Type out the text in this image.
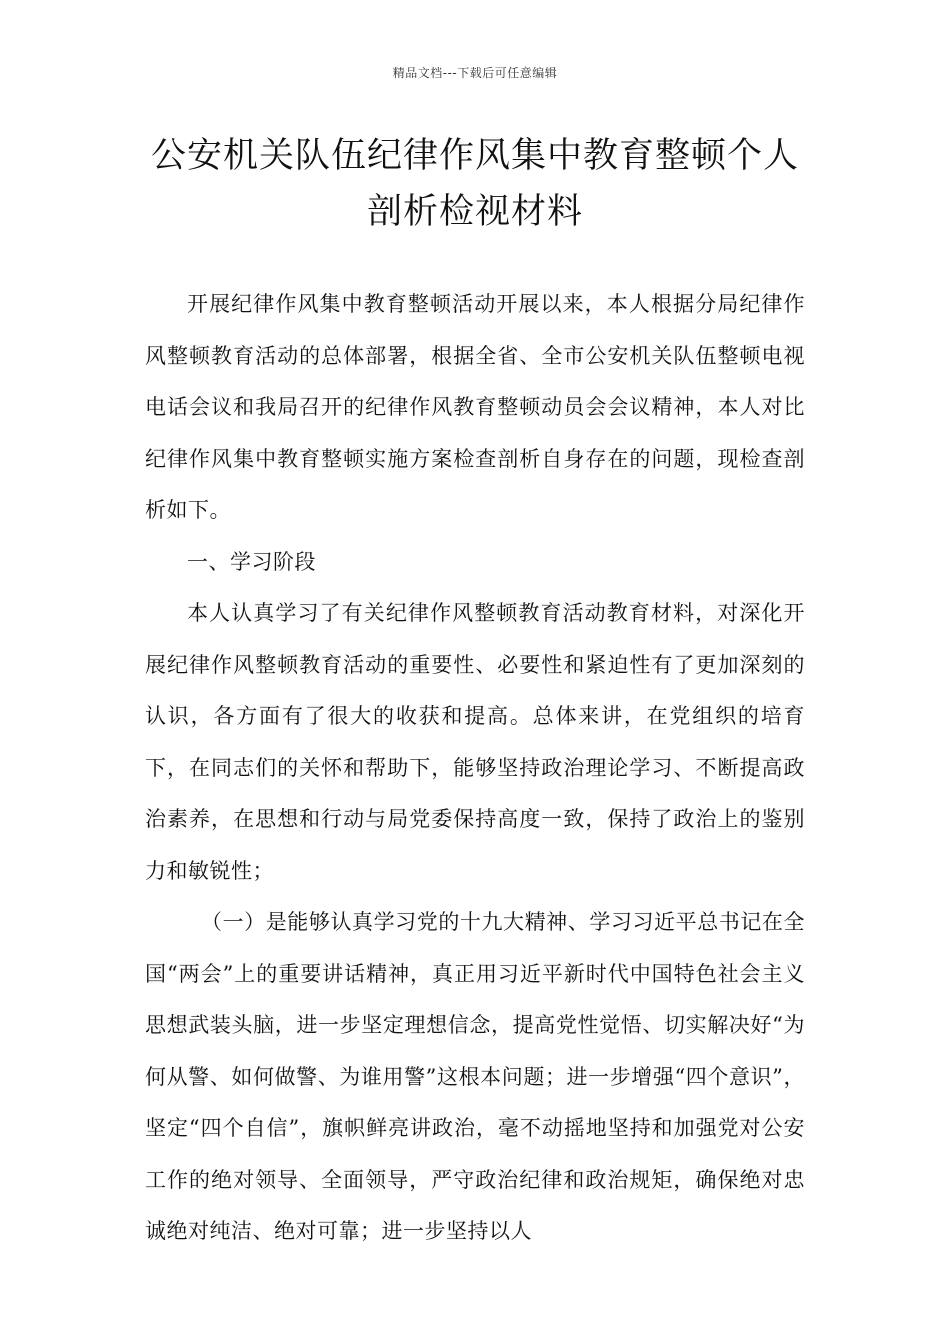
精品文档---下载后可任意编辑
公安机关队伍纪律作风集中教育整顿个人剖析检视材料

开展纪律作风集中教育整顿活动开展以来，本人根据分局纪律作风整顿教育活动的总体部署，根据全省、全市公安机关队伍整顿电视电话会议和我局召开的纪律作风教育整顿动员会会议精神，本人对比纪律作风集中教育整顿实施方案检查剖析自身存在的问题，现检查剖析如下。

一、学习阶段

本人认真学习了有关纪律作风整顿教育活动教育材料，对深化开展纪律作风整顿教育活动的重要性、必要性和紧迫性有了更加深刻的认识，各方面有了很大的收获和提高。总体来讲，在党组织的培育下，在同志们的关怀和帮助下，能够坚持政治理论学习、不断提高政治素养，在思想和行动与局党委保持高度一致，保持了政治上的鉴别力和敏锐性；

（一）是能够认真学习党的十九大精神、学习习近平总书记在全国“两会”上的重要讲话精神，真正用习近平新时代中国特色社会主义思想武装头脑，进一步坚定理想信念，提高党性觉悟、切实解决好“为何从警、如何做警、为谁用警”这根本问题；进一步增强“四个意识”，坚定“四个自信”，旗帜鲜亮讲政治，毫不动摇地坚持和加强党对公安工作的绝对领导、全面领导，严守政治纪律和政治规矩，确保绝对忠诚绝对纯洁、绝对可靠；进一步坚持以人
